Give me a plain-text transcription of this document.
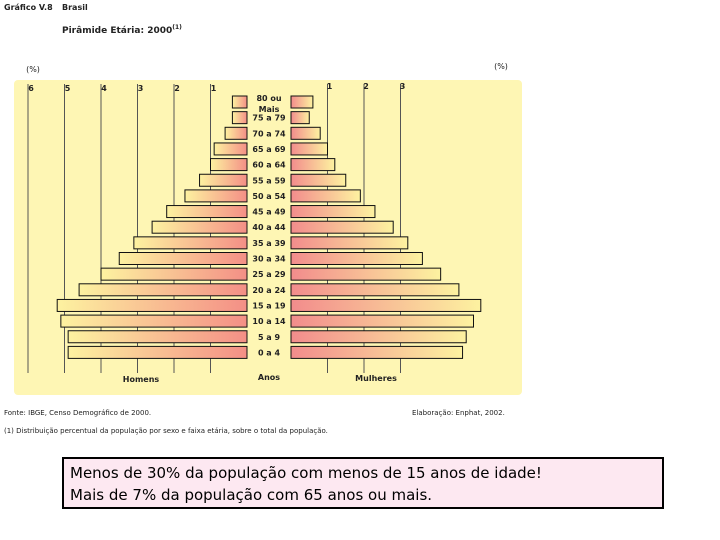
Gráfico V.8 Brasil
Pirâmide Etária: 2000$^{(1)}$
80 ou
Mais
75 a 79
70 a 74
65 a 69
60 a 64
55 a 59
50 a 54
45 a 49
40 a 44
35 a 39
30 a 34
25 a 29
20 a 24
15 a 19
10 a 14
5 a 9
0 a 4
6	5	4	3	2	1	1	2	3
(%)	(%)
Homens	Mulheres
Anos
Fonte: IBGE, Censo Demográfico de 2000.	Elaboração: Enphat, 2002.
(1) Distribuição percentual da população por sexo e faixa etária, sobre o total da população.
Menos de 30% da população com menos de 15 anos de idade!
Mais de 7% da população com 65 anos ou mais.
